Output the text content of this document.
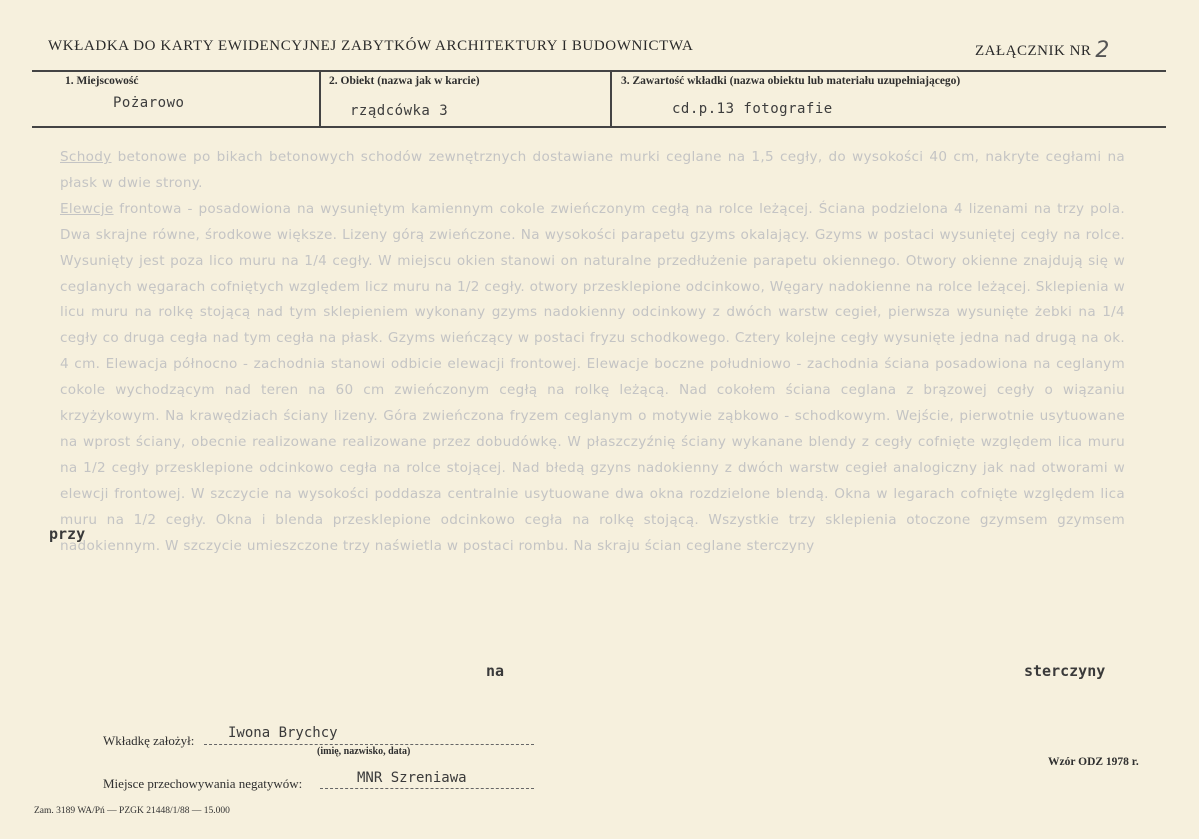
WKŁADKA DO KARTY EWIDENCYJNEJ ZABYTKÓW ARCHITEKTURY I BUDOWNICTWA	ZAŁĄCZNIK NR 2
1. Miejscowość
Pożarowo
2. Obiekt (nazwa jak w karcie)
rządcówka 3
3. Zawartość wkładki (nazwa obiektu lub materiału uzupełniającego)
cd.p.13 fotografie

Schody betonowe po bikach betonowych schodów zewnętrznych dostawiane murki ceglane na 1,5 cegły, do wysokości 40 cm, nakryte cegłami na płask w dwie strony.

Elewcje frontowa - posadowiona na wysuniętym kamiennym cokole zwieńczonym cegłą na rolce leżącej. Ściana podzielona 4 lizenami na trzy pola. Dwa skrajne równe, środkowe większe. Lizeny górą zwieńczone. Na wysokości parapetu gzyms okalający. Gzyms w postaci wysuniętej cegły na rolce. Wysunięty jest poza lico muru na 1/4 cegły. W miejscu okien stanowi on naturalne przedłużenie parapetu okiennego. Otwory okienne znajdują się w ceglanych węgarach cofniętych względem licz muru na 1/2 cegły. otwory przesklepione odcinkowo, Węgary nadokienne na rolce leżącej. Sklepienia w licu muru na rolkę stojącą nad tym sklepieniem wykonany gzyms nadokienny odcinkowy z dwóch warstw cegieł, pierwsza wysunięte żebki na 1/4 cegły co druga cegła nad tym cegła na płask. Gzyms wieńczący w postaci fryzu schodkowego. Cztery kolejne cegły wysunięte jedna nad drugą na ok. 4 cm. Elewacja północno - zachodnia stanowi odbicie elewacji frontowej. Elewacje boczne południowo - zachodnia ściana posadowiona na ceglanym cokole wychodzącym nad teren na 60 cm zwieńczonym cegłą na rolkę leżącą. Nad cokołem ściana ceglana z brązowej cegły o wiązaniu krzyżykowym. Na krawędziach ściany lizeny. Góra zwieńczona fryzem ceglanym o motywie ząbkowo - schodkowym. Wejście, pierwotnie usytuowane na wprost ściany, obecnie realizowane realizowane przez dobudówkę. W płaszczyźnię ściany wykanane blendy z cegły cofnięte względem lica muru na 1/2 cegły przesklepione odcinkowo cegła na rolce stojącej. Nad błedą gzyns nadokienny z dwóch warstw cegieł analogiczny jak nad otworami w elewcji frontowej. W szczycie na wysokości poddasza centralnie usytuowane dwa okna rozdzielone blendą. Okna w legarach cofnięte względem lica muru na 1/2 cegły. Okna i blenda przesklepione odcinkowo cegła na rolkę stojącą. Wszystkie trzy sklepienia otoczone gzymsem gzymsem nadokiennym. W szczycie umieszczone trzy naświetla w postaci rombu. Na skraju ścian ceglane sterczyny

przy
na	sterczyny
Wkładkę założył: Iwona Brychcy
(imię, nazwisko, data)
Miejsce przechowywania negatywów:	MNR Szreniawa
Wzór ODZ 1978 r.
Zam. 3189 WA/Pń — PZGK 21448/1/88 — 15.000
